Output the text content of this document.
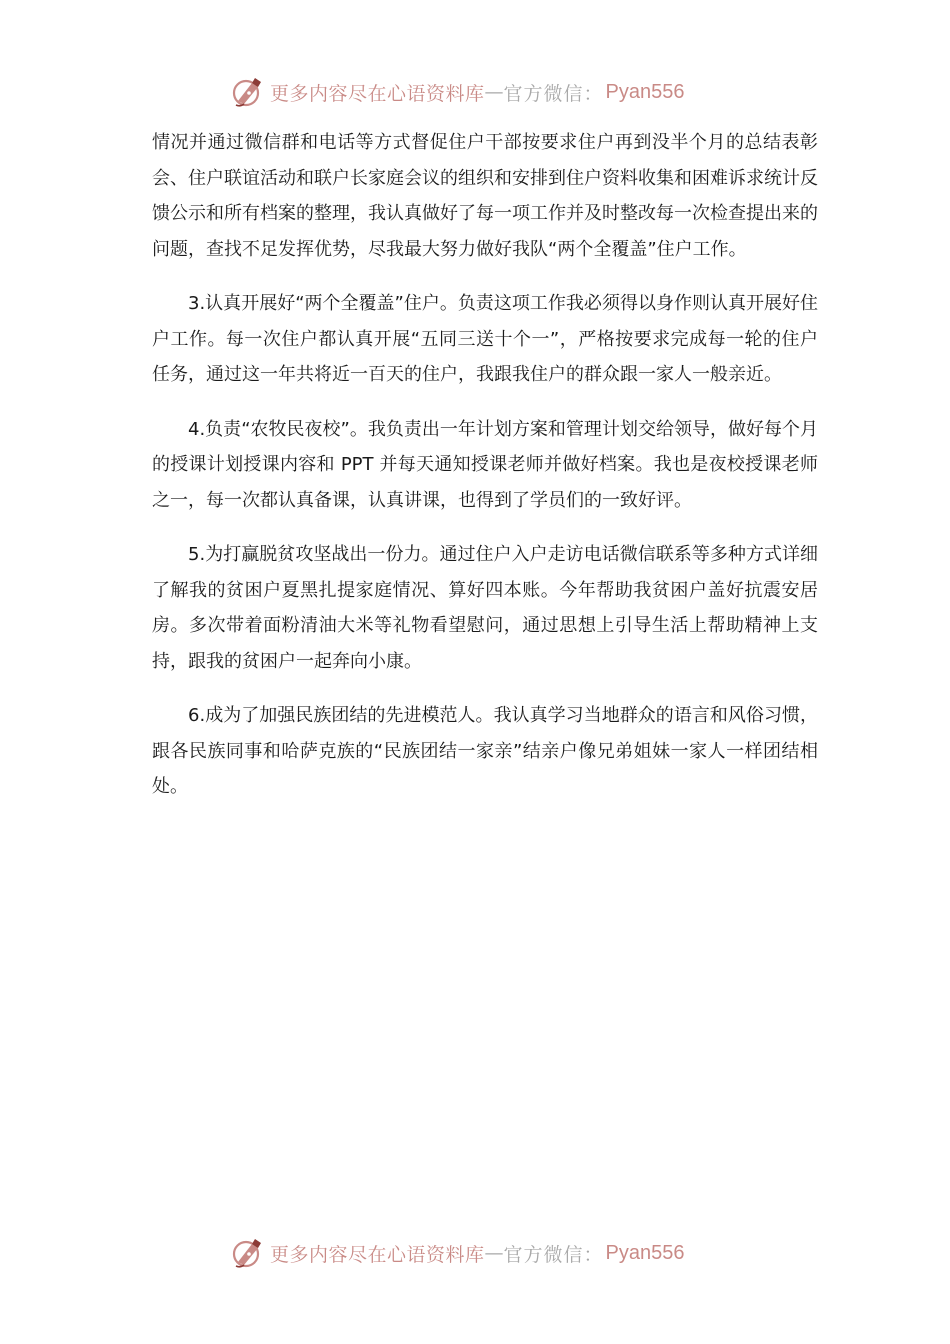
更多内容尽在心语资料库 — 官方微信： Pyan556

情况并通过微信群和电话等方式督促住户干部按要求住户再到没半个月的总结表彰会、住户联谊活动和联户长家庭会议的组织和安排到住户资料收集和困难诉求统计反馈公示和所有档案的整理，我认真做好了每一项工作并及时整改每一次检查提出来的问题，查找不足发挥优势，尽我最大努力做好我队“两个全覆盖”住户工作。

3.认真开展好“两个全覆盖”住户。负责这项工作我必须得以身作则认真开展好住户工作。每一次住户都认真开展“五同三送十个一”，严格按要求完成每一轮的住户任务，通过这一年共将近一百天的住户，我跟我住户的群众跟一家人一般亲近。

4.负责“农牧民夜校”。我负责出一年计划方案和管理计划交给领导，做好每个月的授课计划授课内容和 PPT 并每天通知授课老师并做好档案。我也是夜校授课老师之一，每一次都认真备课，认真讲课，也得到了学员们的一致好评。

5.为打赢脱贫攻坚战出一份力。通过住户入户走访电话微信联系等多种方式详细了解我的贫困户夏黑扎提家庭情况、算好四本账。今年帮助我贫困户盖好抗震安居房。多次带着面粉清油大米等礼物看望慰问，通过思想上引导生活上帮助精神上支持，跟我的贫困户一起奔向小康。

6.成为了加强民族团结的先进模范人。我认真学习当地群众的语言和风俗习惯，跟各民族同事和哈萨克族的“民族团结一家亲”结亲户像兄弟姐妹一家人一样团结相处。

更多内容尽在心语资料库 — 官方微信： Pyan556
